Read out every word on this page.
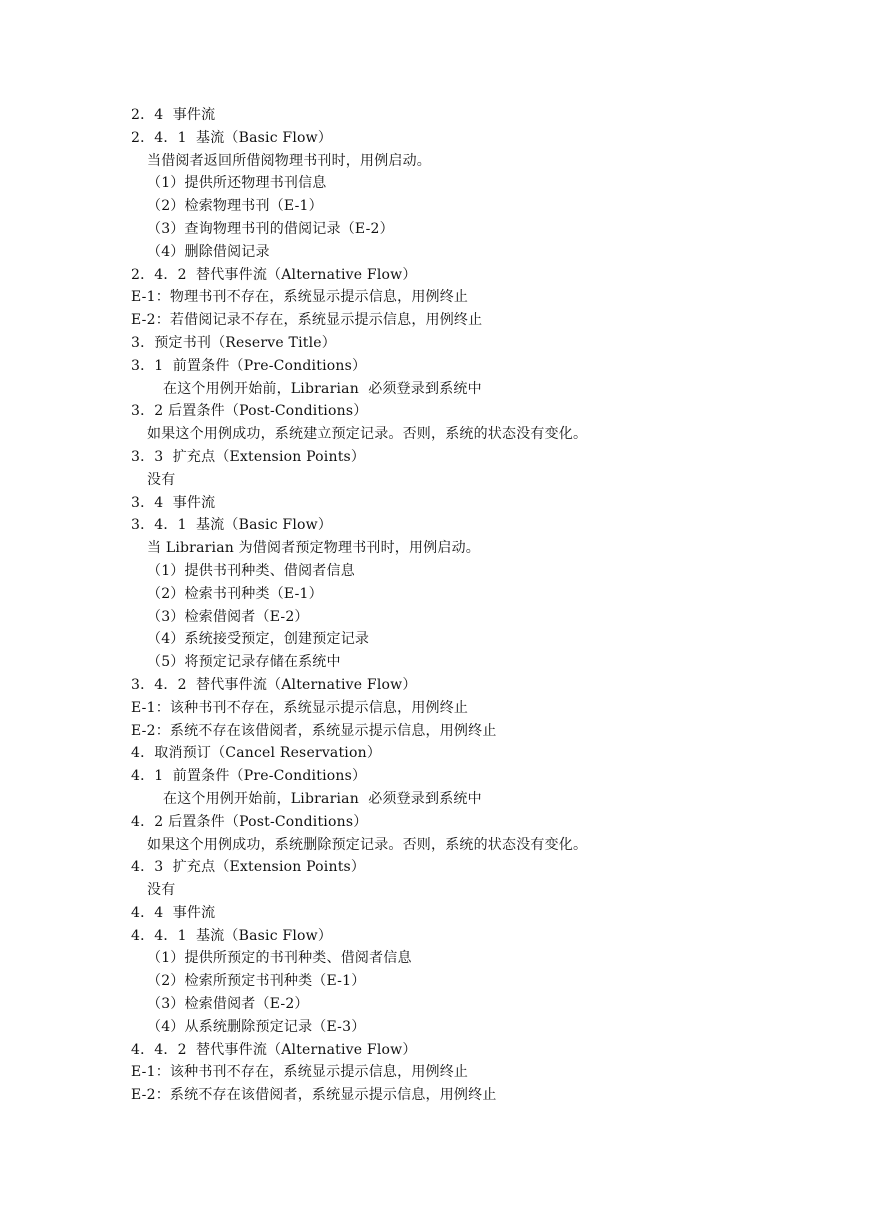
2．4  事件流
2．4．1  基流（Basic Flow）
当借阅者返回所借阅物理书刊时，用例启动。
（1）提供所还物理书刊信息
（2）检索物理书刊（E-1）
（3）查询物理书刊的借阅记录（E-2）
（4）删除借阅记录
2．4．2  替代事件流（Alternative Flow）
E-1：物理书刊不存在，系统显示提示信息，用例终止
E-2：若借阅记录不存在，系统显示提示信息，用例终止
3．预定书刊（Reserve Title）
3．1  前置条件（Pre-Conditions）
在这个用例开始前，Librarian  必须登录到系统中
3．2 后置条件（Post-Conditions）
如果这个用例成功，系统建立预定记录。否则，系统的状态没有变化。
3．3  扩充点（Extension Points）
没有
3．4  事件流
3．4．1  基流（Basic Flow）
当 Librarian 为借阅者预定物理书刊时，用例启动。
（1）提供书刊种类、借阅者信息
（2）检索书刊种类（E-1）
（3）检索借阅者（E-2）
（4）系统接受预定，创建预定记录
（5）将预定记录存储在系统中
3．4．2  替代事件流（Alternative Flow）
E-1：该种书刊不存在，系统显示提示信息，用例终止
E-2：系统不存在该借阅者，系统显示提示信息，用例终止
4．取消预订（Cancel Reservation）
4．1  前置条件（Pre-Conditions）
在这个用例开始前，Librarian  必须登录到系统中
4．2 后置条件（Post-Conditions）
如果这个用例成功，系统删除预定记录。否则，系统的状态没有变化。
4．3  扩充点（Extension Points）
没有
4．4  事件流
4．4．1  基流（Basic Flow）
（1）提供所预定的书刊种类、借阅者信息
（2）检索所预定书刊种类（E-1）
（3）检索借阅者（E-2）
（4）从系统删除预定记录（E-3）
4．4．2  替代事件流（Alternative Flow）
E-1：该种书刊不存在，系统显示提示信息，用例终止
E-2：系统不存在该借阅者，系统显示提示信息，用例终止
